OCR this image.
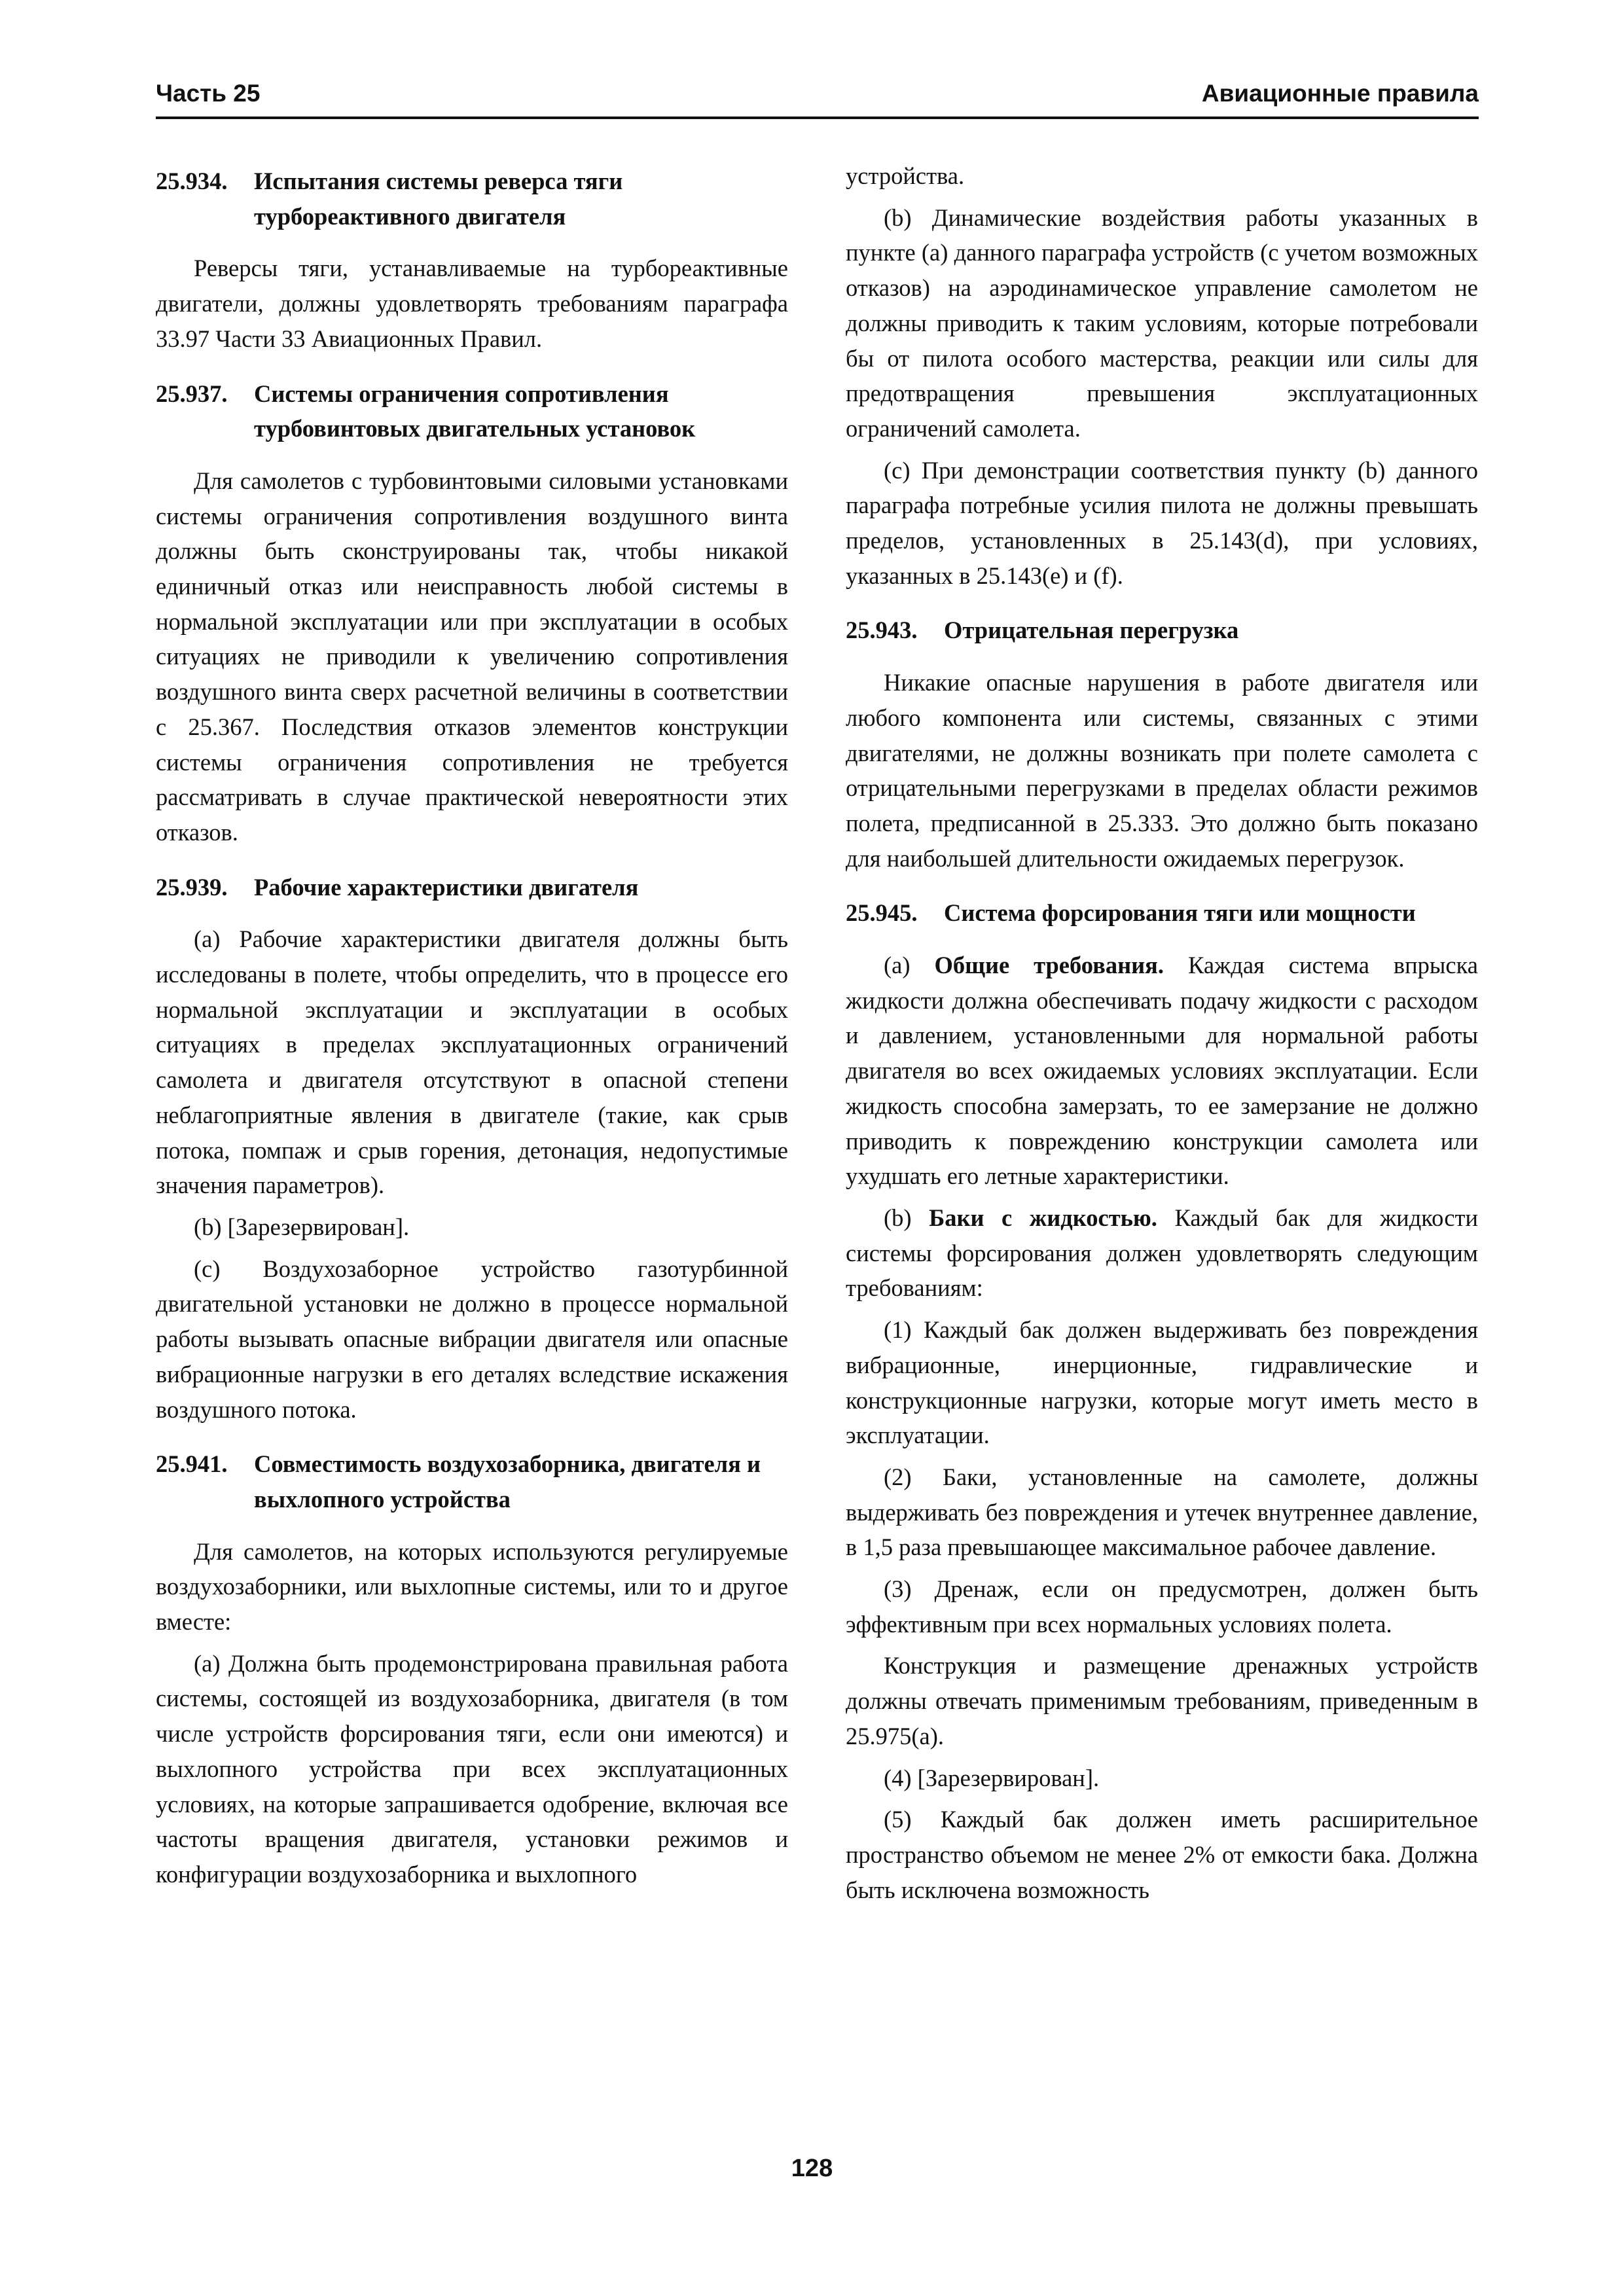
Часть 25	Авиационные правила
25.934. Испытания системы реверса тяги турбореактивного двигателя

Реверсы тяги, устанавливаемые на турбореактивные двигатели, должны удовлетворять требованиям параграфа 33.97 Части 33 Авиационных Правил.

25.937. Системы ограничения сопротивления турбовинтовых двигательных установок

Для самолетов с турбовинтовыми силовыми установками системы ограничения сопротивления воздушного винта должны быть сконструированы так, чтобы никакой единичный отказ или неисправность любой системы в нормальной эксплуатации или при эксплуатации в особых ситуациях не приводили к увеличению сопротивления воздушного винта сверх расчетной величины в соответствии с 25.367. Последствия отказов элементов конструкции системы ограничения сопротивления не требуется рассматривать в случае практической невероятности этих отказов.

25.939. Рабочие характеристики двигателя

(а) Рабочие характеристики двигателя должны быть исследованы в полете, чтобы определить, что в процессе его нормальной эксплуатации и эксплуатации в особых ситуациях в пределах эксплуатационных ограничений самолета и двигателя отсутствуют в опасной степени неблагоприятные явления в двигателе (такие, как срыв потока, помпаж и срыв горения, детонация, недопустимые значения параметров).

(b) [Зарезервирован].

(с) Воздухозаборное устройство газотурбинной двигательной установки не должно в процессе нормальной работы вызывать опасные вибрации двигателя или опасные вибрационные нагрузки в его деталях вследствие искажения воздушного потока.

25.941. Совместимость воздухозаборника, двигателя и выхлопного устройства

Для самолетов, на которых используются регулируемые воздухозаборники, или выхлопные системы, или то и другое вместе:

(а) Должна быть продемонстрирована правильная работа системы, состоящей из воздухозаборника, двигателя (в том числе устройств форсирования тяги, если они имеются) и выхлопного устройства при всех эксплуатационных условиях, на которые запрашивается одобрение, включая все частоты вращения двигателя, установки режимов и конфигурации воздухозаборника и выхлопного

устройства.

(b) Динамические воздействия работы указанных в пункте (а) данного параграфа устройств (с учетом возможных отказов) на аэродинамическое управление самолетом не должны приводить к таким условиям, которые потребовали бы от пилота особого мастерства, реакции или силы для предотвращения превышения эксплуатационных ограничений самолета.

(с) При демонстрации соответствия пункту (b) данного параграфа потребные усилия пилота не должны превышать пределов, установленных в 25.143(d), при условиях, указанных в 25.143(е) и (f).

25.943. Отрицательная перегрузка

Никакие опасные нарушения в работе двигателя или любого компонента или системы, связанных с этими двигателями, не должны возникать при полете самолета с отрицательными перегрузками в пределах области режимов полета, предписанной в 25.333. Это должно быть показано для наибольшей длительности ожидаемых перегрузок.

25.945. Система форсирования тяги или мощности

(а) Общие требования. Каждая система впрыска жидкости должна обеспечивать подачу жидкости с расходом и давлением, установленными для нормальной работы двигателя во всех ожидаемых условиях эксплуатации. Если жидкость способна замерзать, то ее замерзание не должно приводить к повреждению конструкции самолета или ухудшать его летные характеристики.

(b) Баки с жидкостью. Каждый бак для жидкости системы форсирования должен удовлетворять следующим требованиям:

(1) Каждый бак должен выдерживать без повреждения вибрационные, инерционные, гидравлические и конструкционные нагрузки, которые могут иметь место в эксплуатации.

(2) Баки, установленные на самолете, должны выдерживать без повреждения и утечек внутреннее давление, в 1,5 раза превышающее максимальное рабочее давление.

(3) Дренаж, если он предусмотрен, должен быть эффективным при всех нормальных условиях полета.

Конструкция и размещение дренажных устройств должны отвечать применимым требованиям, приведенным в 25.975(а).

(4) [Зарезервирован].

(5) Каждый бак должен иметь расширительное пространство объемом не менее 2% от емкости бака. Должна быть исключена возможность

128
